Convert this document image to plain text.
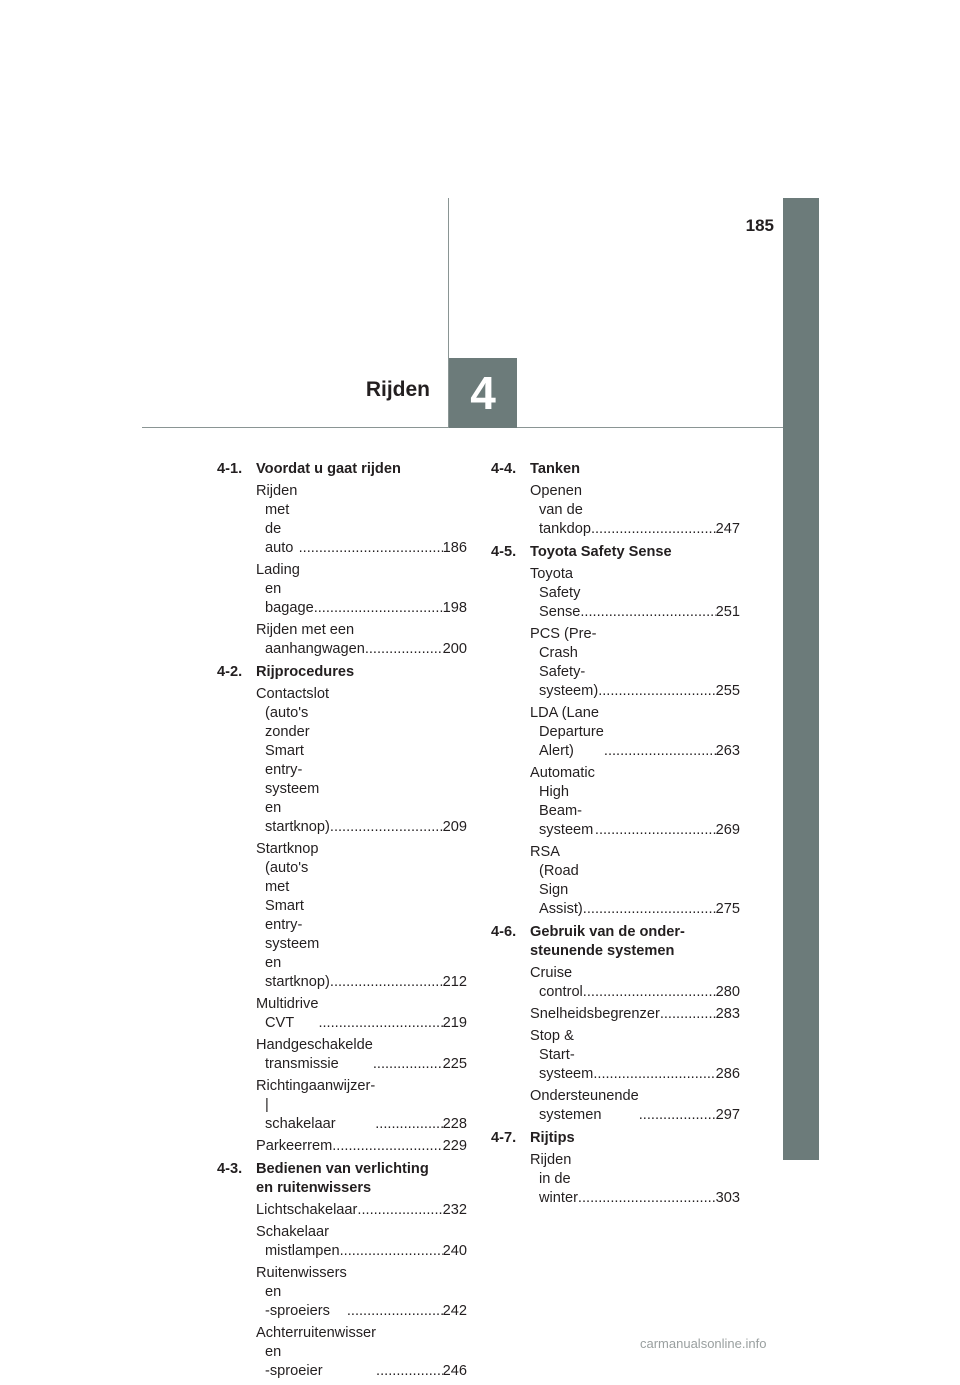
185
4
Rijden
4-1. Voordat u gaat rijden
Rijden met de auto .....	186
Lading en bagage .....	198
Rijden met een
aanhangwagen .....	200
4-2. Rijprocedures
Contactslot
(auto's zonder
Smart entry-systeem en
startknop) .....	209
Startknop
(auto's met
Smart entry-systeem
en startknop) .....	212
Multidrive CVT .....	219
Handgeschakelde
transmissie .....	225
Richtingaanwijzer-|
schakelaar .....	228
Parkeerrem .....	229
4-3. Bedienen van verlichting
en ruitenwissers
Lichtschakelaar .....	232
Schakelaar mistlampen .....	240
Ruitenwissers en
-sproeiers .....	242
Achterruitenwisser en
-sproeier .....	246
4-4. Tanken
Openen van de tankdop .....	247
4-5. Toyota Safety Sense
Toyota Safety Sense .....	251
PCS (Pre-Crash
Safety-systeem) .....	255
LDA (Lane Departure
Alert) .....	263
Automatic
High Beam-systeem .....	269
RSA (Road Sign Assist) .....	275
4-6. Gebruik van de onder-
steunende systemen
Cruise control .....	280
Snelheidsbegrenzer .....	283
Stop & Start-systeem .....	286
Ondersteunende
systemen .....	297
4-7. Rijtips
Rijden in de winter .....	303
carmanualsonline.info
